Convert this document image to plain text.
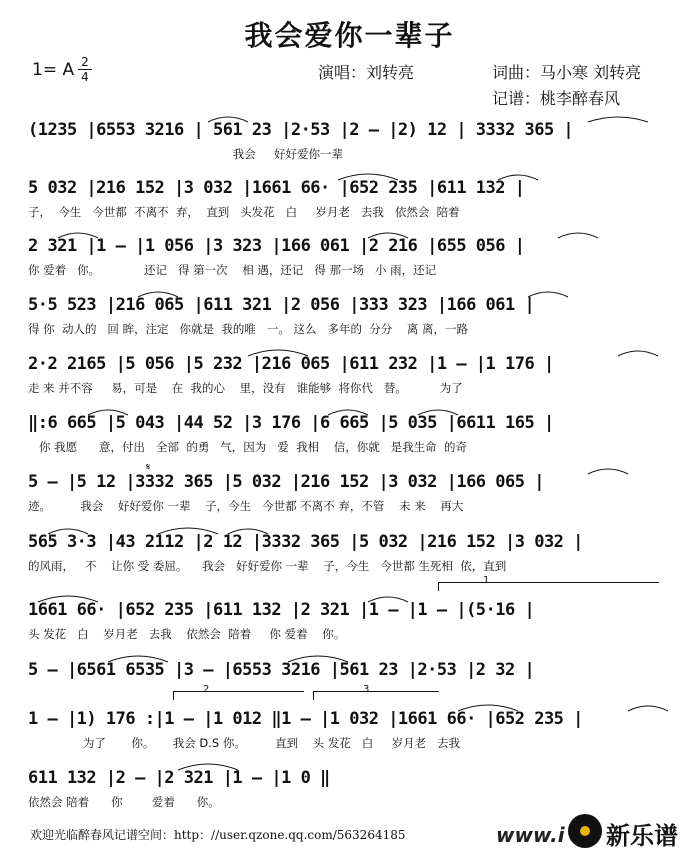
我会爱你一辈子
1= A 2
4	演唱：刘转亮	词曲：马小寒 刘转亮
记谱：桃李醉春风
(1235 |6553 3216 | 561 23 |2·53 |2 – |2) 12 | 3332 365 |
我会     好好爱你一辈
5 032 |216 152 |3 032 |1661 66· |652 235 |611 132 |
子，  今生   今世都  不离不  弃，  直到   头发花   白     岁月老   去我   依然会  陪着
2 321 |1 – |1 056 |3 323 |166 061 |2 216 |655 056 |
你 爱着   你。            还记   得 第一次    相 遇，还记   得 那一场   小 雨，还记
5·5 523 |216 065 |611 321 |2 056 |333 323 |166 061 |
得 你  动人的   回 眸，注定   你就是  我的唯   一。 这么   多年的  分分    离 离，一路
2·2 2165 |5 056 |5 232 |216 065 |611 232 |1 – |1 176 |
走 来 并不容     易，可是    在  我的心    里，没有   谁能够  将你代   替。         为了
‖:6 665 |5 043 |44 52 |3 176 |6 665 |5 035 |6611 165 |
你 我愿      意，付出   全部  的勇   气，因为   爱  我相    信，你就   是我生命  的奇
𝄋
5 – |5 12 |3332 365 |5 032 |216 152 |3 032 |166 065 |
迹。        我会    好好爱你 一辈    子，今生   今世都 不离不 弃，不管    未 来    再大
565 3·3 |43 2112 |2 12 |3332 365 |5 032 |216 152 |3 032 |
的风雨，   不    让你 受 委屈。    我会   好好爱你 一辈    子，今生   今世都 生死相  依，直到
1
1661 66· |652 235 |611 132 |2 321 |1 – |1 – |(5·16 |
头 发花   白    岁月老   去我    依然会  陪着     你 爱着    你。
5 – |6561 6535 |3 – |6553 3216 |561 23 |2·53 |2 32 |
2	3
1 – |1) 176 :|1 – |1 012 ‖1 – |1 032 |1661 66· |652 235 |
为了       你。     我会 D.S 你。        直到    头 发花   白     岁月老   去我
611 132 |2 – |2 321 |1 – |1 0 ‖
依然会 陪着      你        爱着      你。
欢迎光临醉春风记谱空间：http：//user.qzone.qq.com/563264185	www.i 新乐谱
